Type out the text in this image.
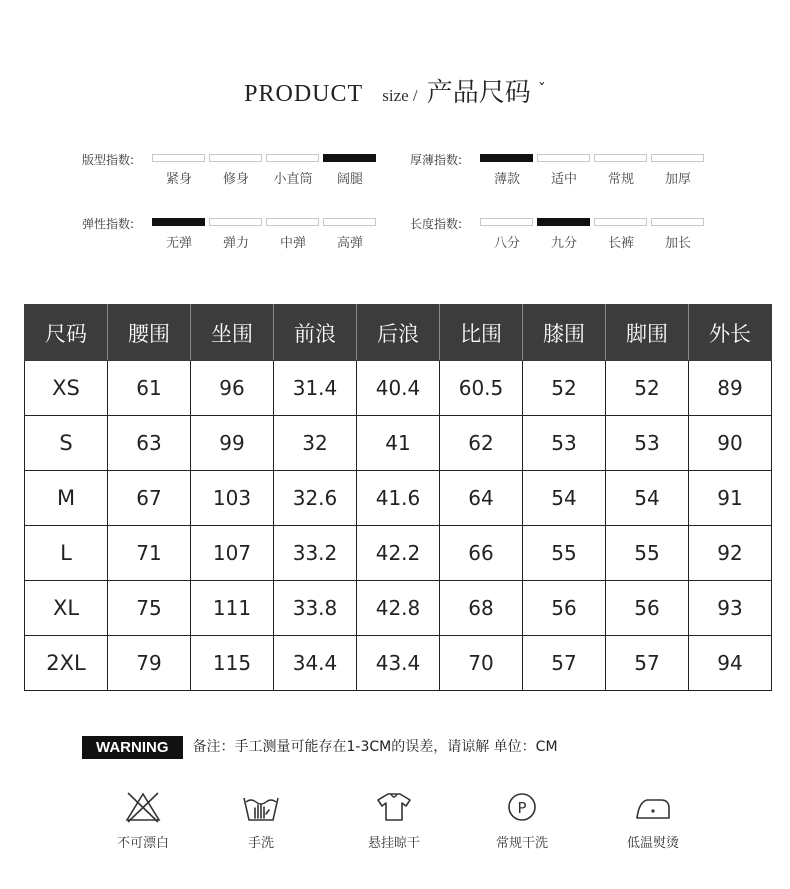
PRODUCT size / 产品尺码 ˇ
版型指数:
紧身	修身	小直筒	阔腿
厚薄指数:
薄款	适中	常规	加厚
弹性指数:
无弹	弹力	中弹	高弹
长度指数:
八分	九分	长裤	加长
尺码	腰围	坐围	前浪	后浪	比围	膝围	脚围	外长
XS	61	96	31.4	40.4	60.5	52	52	89
S	63	99	32	41	62	53	53	90
M	67	103	32.6	41.6	64	54	54	91
L	71	107	33.2	42.2	66	55	55	92
XL	75	111	33.8	42.8	68	56	56	93
2XL	79	115	34.4	43.4	70	57	57	94
WARNING 备注：手工测量可能存在1-3CM的误差，请谅解 单位：CM
不可漂白	手洗	悬挂晾干
P
常规干洗	低温熨烫
